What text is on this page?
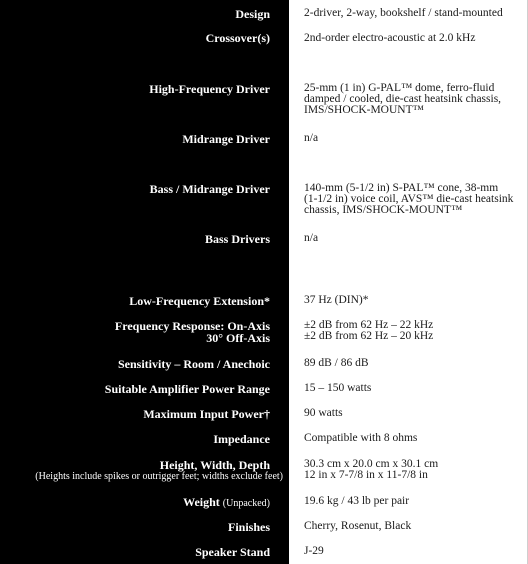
Design
Crossover(s)
High-Frequency Driver
Midrange Driver
Bass / Midrange Driver
Bass Drivers
Low-Frequency Extension*
Frequency Response: On-Axis
30° Off-Axis
Sensitivity – Room / Anechoic
Suitable Amplifier Power Range
Maximum Input Power†
Impedance
Height, Width, Depth
(Heights include spikes or outrigger feet; widths exclude feet)
Weight (Unpacked)
Finishes
Speaker Stand
2-driver, 2-way, bookshelf / stand-mounted
2nd-order electro-acoustic at 2.0 kHz
25-mm (1 in) G-PAL™ dome, ferro-fluid
damped / cooled, die-cast heatsink chassis,
IMS/SHOCK-MOUNT™
n/a
140-mm (5-1/2 in) S-PAL™ cone, 38-mm
(1-1/2 in) voice coil, AVS™ die-cast heatsink
chassis, IMS/SHOCK-MOUNT™
n/a
37 Hz (DIN)*
±2 dB from 62 Hz – 22 kHz
±2 dB from 62 Hz – 20 kHz
89 dB / 86 dB
15 – 150 watts
90 watts
Compatible with 8 ohms
30.3 cm x 20.0 cm x 30.1 cm
12 in x 7-7/8 in x 11-7/8 in
19.6 kg / 43 lb per pair
Cherry, Rosenut, Black
J-29
